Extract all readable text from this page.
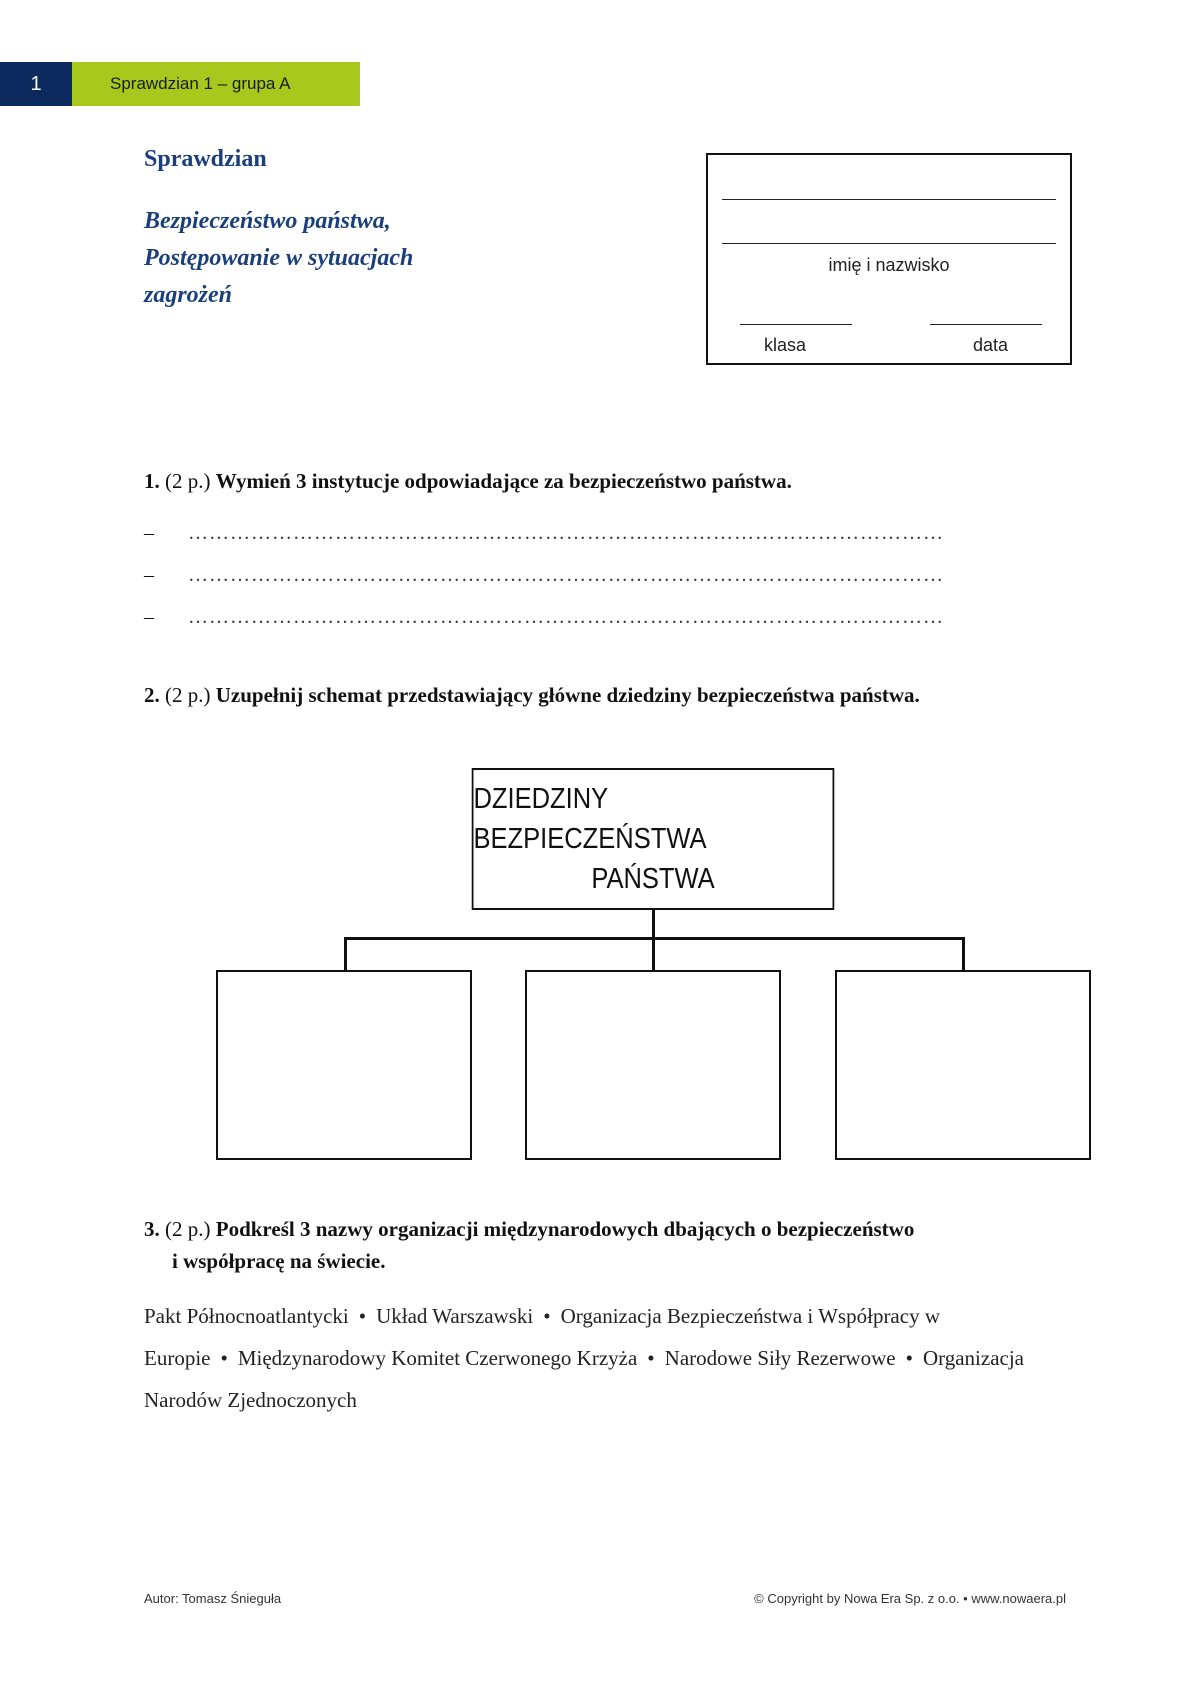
1	Sprawdzian 1 – grupa A
Sprawdzian
Bezpieczeństwo państwa,
Postępowanie w sytuacjach
zagrożeń
imię i nazwisko
klasa	data
1. (2 p.) Wymień 3 instytucje odpowiadające za bezpieczeństwo państwa.
–	………………………………………………………………………………………………
–	………………………………………………………………………………………………
–	………………………………………………………………………………………………
2. (2 p.) Uzupełnij schemat przedstawiający główne dziedziny bezpieczeństwa państwa.
DZIEDZINY BEZPIECZEŃSTWA
PAŃSTWA
3. (2 p.) Podkreśl 3 nazwy organizacji międzynarodowych dbających o bezpieczeństwo
i współpracę na świecie.
Pakt Północnoatlantycki • Układ Warszawski • Organizacja Bezpieczeństwa i Współpracy w Europie • Międzynarodowy Komitet Czerwonego Krzyża • Narodowe Siły Rezerwowe • Organizacja Narodów Zjednoczonych
Autor: Tomasz Śnieguła	© Copyright by Nowa Era Sp. z o.o. • www.nowaera.pl
